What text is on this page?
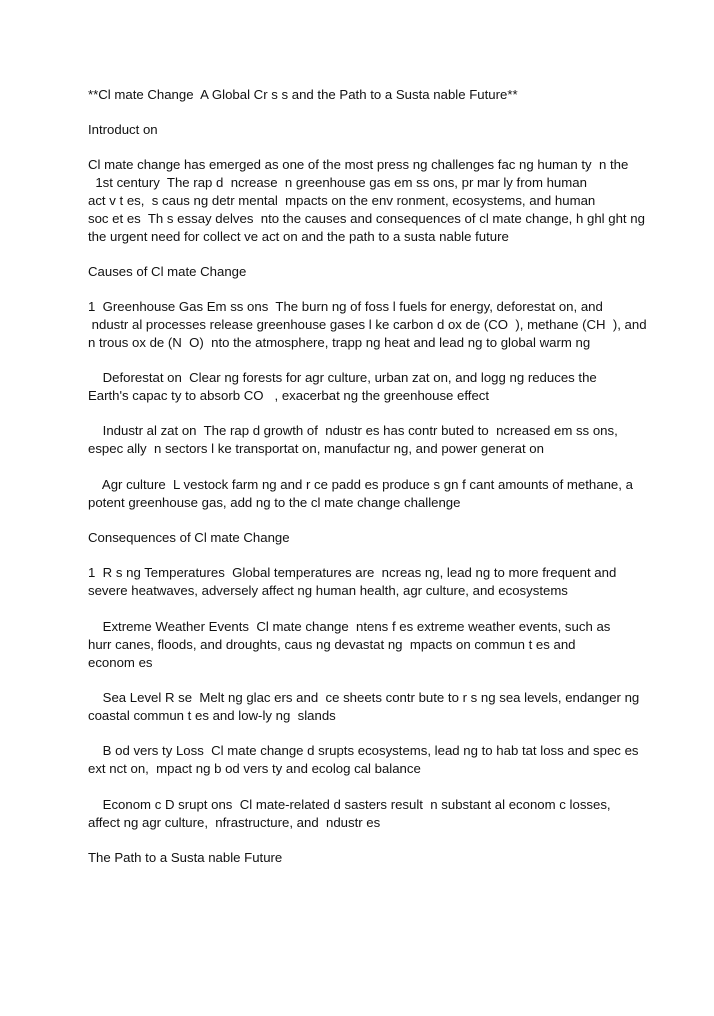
**Cl mate Change  A Global Cr s s and the Path to a Susta nable Future**
Introduct on
Cl mate change has emerged as one of the most press ng challenges fac ng human ty  n the
1st century  The rap d  ncrease  n greenhouse gas em ss ons, pr mar ly from human
act v t es,  s caus ng detr mental  mpacts on the env ronment, ecosystems, and human
soc et es  Th s essay delves  nto the causes and consequences of cl mate change, h ghl ght ng
the urgent need for collect ve act on and the path to a susta nable future
Causes of Cl mate Change
1  Greenhouse Gas Em ss ons  The burn ng of foss l fuels for energy, deforestat on, and
ndustr al processes release greenhouse gases l ke carbon d ox de (CO  ), methane (CH  ), and
n trous ox de (N  O)  nto the atmosphere, trapp ng heat and lead ng to global warm ng
Deforestat on  Clear ng forests for agr culture, urban zat on, and logg ng reduces the
Earth's capac ty to absorb CO   , exacerbat ng the greenhouse effect
Industr al zat on  The rap d growth of  ndustr es has contr buted to  ncreased em ss ons,
espec ally  n sectors l ke transportat on, manufactur ng, and power generat on
Agr culture  L vestock farm ng and r ce padd es produce s gn f cant amounts of methane, a
potent greenhouse gas, add ng to the cl mate change challenge
Consequences of Cl mate Change
1  R s ng Temperatures  Global temperatures are  ncreas ng, lead ng to more frequent and
severe heatwaves, adversely affect ng human health, agr culture, and ecosystems
Extreme Weather Events  Cl mate change  ntens f es extreme weather events, such as
hurr canes, floods, and droughts, caus ng devastat ng  mpacts on commun t es and
econom es
Sea Level R se  Melt ng glac ers and  ce sheets contr bute to r s ng sea levels, endanger ng
coastal commun t es and low-ly ng  slands
B od vers ty Loss  Cl mate change d srupts ecosystems, lead ng to hab tat loss and spec es
ext nct on,  mpact ng b od vers ty and ecolog cal balance
Econom c D srupt ons  Cl mate-related d sasters result  n substant al econom c losses,
affect ng agr culture,  nfrastructure, and  ndustr es
The Path to a Susta nable Future
